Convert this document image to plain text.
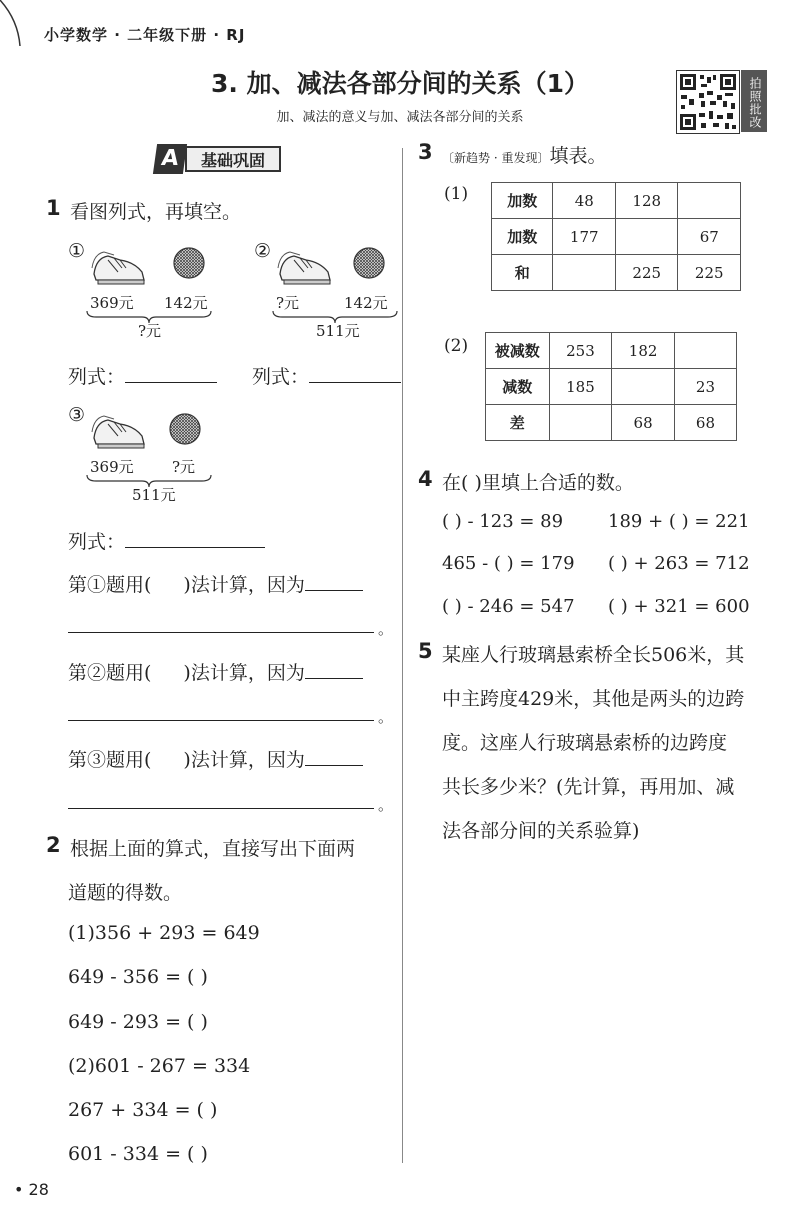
小学数学 · 二年级下册 · RJ
3. 加、减法各部分间的关系（1）
加、减法的意义与加、减法各部分间的关系	拍照批改
基础巩固
A
1 看图列式，再填空。
①
369元 142元
?元
②
?元	142元
511元
列式：	列式：
③
369元	?元
511元
列式：
第①题用( )法计算，因为
。
第②题用( )法计算，因为
。
第③题用( )法计算，因为
。
2 根据上面的算式，直接写出下面两
道题的得数。
(1)356 + 293 = 649
649 - 356 = ( )
649 - 293 = ( )
(2)601 - 267 = 334
267 + 334 = ( )
601 - 334 = ( )
• 28
3 〔新趋势 · 重发现〕填表。
(1)	加数	48	128	
加数	177		67
和		225	225
(2) 被减数	253	182	
减数	185		23
差		68	68
4 在( )里填上合适的数。
( ) - 123 = 89 189 + ( ) = 221
465 - ( ) = 179 ( ) + 263 = 712
( ) - 246 = 547 ( ) + 321 = 600
5 某座人行玻璃悬索桥全长506米，其
中主跨度429米，其他是两头的边跨
度。这座人行玻璃悬索桥的边跨度
共长多少米？(先计算，再用加、减
法各部分间的关系验算)
